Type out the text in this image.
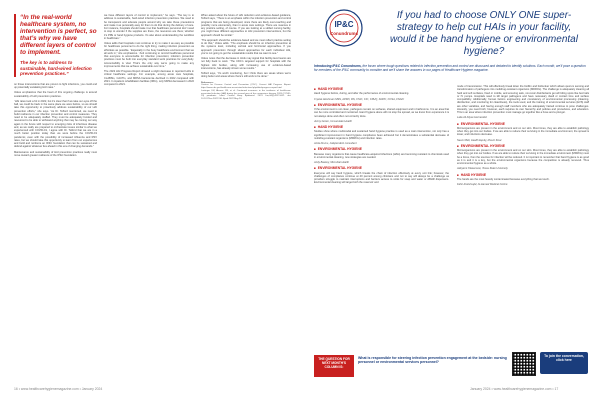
“In the real-world healthcare system, no intervention is perfect, so that’s why we have different layers of control to implement.

The key is to address to sustainable, hard-wired infection prevention practices.”

on those interventions that are proven to fight infections, you could end up potentially escalating HAI rates.”

Vokes emphasizes that the heart of this ongoing challenge is around sustainability of HAI prevention practices.

“HAI rates took a hit in 2022, but it’s clear that if we take our eyes off the ball, we could be back in the same place we were before, so we should take this opportunity to proactively address sustainability of our HAI prevention efforts,” she says. “As Dr. Telford mentioned, we need to build resilience in our infection prevention and control measures. They need to be adequately staffed. They must be adequately funded and resourced to be able to withstand anything that may be coming our way again in the future with respect to emerging risks of infectious disease and, as we really are prepared to orchestrate issues similar to what we experienced with COVID-19, I agree with Dr. Telford that we are in a much better position today than we were before the COVID-19 pandemic, even with the possibility of increased influenza and RSV rates, but we should take this opportunity to learn from our experiences and build and reinforce an IP&C foundation that can be sustained and defend against whatever lies ahead in this era of changing demands.”

Maintenance and sustainability of HAI prevention practices really must move toward greater resilience of the IP&C foundation.

we have different layers of control to implement,” he says. “The key is to address to sustainable, hard-wired infection prevention practices. We need to be transparent and educate people around why we take these precautions and make it as personally easy for them to do that during the delivery of care. For instance, hospitals should make it so that healthcare personnel don’t need to stop to wonder if the supplies are there, the resources are there; whether it’s PPE or hand hygiene products. It’s also about understanding the workflow in healthcare.”

Vokes adds that hospitals must continue to try to make it as easy as possible for healthcare personnel to do the right thing, making infection prevention as effortless as possible. “Especially in the busy healthcare environment that we all work in,” she emphasizes. “And continuing to remind healthcare personnel that everyone is accountable for infection prevention; infection prevention practices must be built into everyday standard work practices for everybody. Accountability is vital. That’s the only way we’re going to make any improvements that we achieve sustainable over time.”

The 2022 HAI Progress Report showed a slight decrease in reported HAIs in critical healthcare settings. For example, among acute care hospitals, CLABSIs, CAUTIs, and MRSA bacteremia declined in 2022 compared with 2021. In inpatient rehabilitation facilities (IRFs), only MRSA decreased in 2022 compared to 2021.

When asked about the future of HAI reduction and evidence-based guidance, Telford says, “There is an emphasis within the infection prevention and control programs that are being developed, since there are likely over-reaching and possibly more elementary, than in acute care settings. There are nuances in any practice setting, of course. If you are looking at a skilled nursing facility, you might have different approaches to HAI prevention interventions, but the approach should be similar.”

“The approach should be evidence-based and we must reflect practice setting to do that,” Vokes adds. “The emphasis should be on infection prevention at the systems level, including vertical and horizontal approaches. If you approach prevention through siloed approaches for each individual HAI, you’re not going to get the sustainable results that we want to see.”

Vokes notes that the decrease in HAIs may signal that facility-level teams are not fully back to work. “The CDC’s targeted support for hospitals with the highest HAI burden, along with increasing use of evidence-based interventions, has already shown some results.”

Telford says, “It’s worth monitoring, but I think there are areas where we’re doing better and areas where there’s still work to be done.”

References:
Centers for Disease Control and Prevention (CDC). Current HAI Progress Report. https://www.cdc.gov/healthcare-associated-infections/php/data/progress-report.html
Lastinger LM, Alvarez CR, et al. Continued increases in the incidence of healthcare-associated infection (HAI) during the second year of the coronavirus disease 2019 (COVID-19) pandemic. Infect Control Hosp Epidemiol. 2023 Jun;44(6):997-1001. doi: 10.1017/ice.2022.116. Epub 2022 May 20.
IP&C
Conundrums
If you had to choose ONLY ONE super-strategy to help cut HAIs in your facility, would it be hand hygiene or environmental hygiene?
Introducing IP&C Conundrums, the forum where tough questions related to infection prevention and control are discussed and debated to identify solutions. Each month, we’ll pose a question for members of the IP&C community to consider and we’ll share the answers in our pages of Healthcare Hygiene magazine.
■ HAND HYGIENE

Hand hygiene before, during, and after the performance of environmental cleaning.

Crystal Heishman MSN, APRN, RN, CNIC, CIC, CPHQ, FAPIC, CCSA, FNAIC

■ ENVIRONMENTAL HYGIENE

If the environment is not clean, pathogens remain on surfaces, shared equipment and in bathrooms. It is an area that can be more controlled and monitored. Hand hygiene alone will not stop the spread, as we know from experience it is not always done and often not correctly done.

Jenny Green, Immaculate Health

■ HAND HYGIENE

Studies show where multimodal and sustained hand hygiene practice is used as a main intervention, not only has a significant improvement in hand hygiene compliance been achieved but it demonstrates a substantial decrease of multidrug-resistant organisms (MDROs) and infection rates.

Anita Drums, independent consultant

■ ENVIRONMENTAL HYGIENE

Because many organisms that cause healthcare-acquired infections (HAIs) are becoming resistant to chemicals used in environmental cleaning, new strategies are needed.

Andy Baskey, Microbial Health

■ ENVIRONMENTAL HYGIENE

Everyone will say hand hygiene, which breaks the chain of infection effectively at every unit link; however, the challenges of compliance continue at 40 percent among clinicians and not to say will always be a challenge as providers struggle to maintain interruptions and barriers access to sinks for soap and water or ABHR dispensers. Environmental cleaning will target both the reservoir and

mode of transmission. This will effectively break down the biofilm and biobunker which allows quorum sensing and transformation of pathogens into multidrug-resistant organisms (MDROs). The challenge is adequately cleaning all hard and soft surfaces, fixed or mobile, and ensuring safe, non-toxic disinfectants get all hiding spots like bed rails or IV pumps. Hospitals need to kill target pathogens and have necessary dwell or contact time and surface compatibility. Additionally, human factors engineering and consistency of environmental processing (cleaning, disinfection, and monitoring for cleanliness), the tools used, and the training of environmental services (EVS) staff are other variables, and having enough staff members who are adequately trained continue to pose challenges. Honestly, you need both; however, each requires its own hierarchy and policies and procedures, and education. This is an area where infection prevention must manage go together like a hose and a plunger.

Laila Ali Allyse Hernandez

■ ENVIRONMENTAL HYGIENE

Microorganisms are present in the environment and on our skin. Most times, they are able to establish pathology when they get into our bodies. If we are able to reduce their surviving in the immediate environment, the spread is lower, and infections decrease.

Naomi Bell, Health Equity, Mount Sinai

■ ENVIRONMENTAL HYGIENE

Microorganisms are present in the environment and on our skin. Most times, they are able to establish pathology when they get into our bodies. If we are able to reduce their surviving in the immediate environment (MDROs) must be a focus, then the sources for infection will be reduced. It is important to remember that hand hygiene is as good as it is and it is a key, but the environmental organisms because the competition is already removed. Thus environmental hygiene as a whole.

Adeyemi Olawumesi, Texas State University

■ HAND HYGIENE

The hands are the most heavily contaminated because everything that we touch.

Fahri Abdulmajid, Al-Hamed Medical Centre

THE QUESTION FOR NEXT MONTH'S COLUMN IS:
What is responsible for steering infection prevention engagement at the bedside: nursing personnel or environmental services personnel?
To join the conversation, click here
16 • www.healthcarehygienemagazine.com • January 2024	January 2024 • www.healthcarehygienemagazine.com • 17
